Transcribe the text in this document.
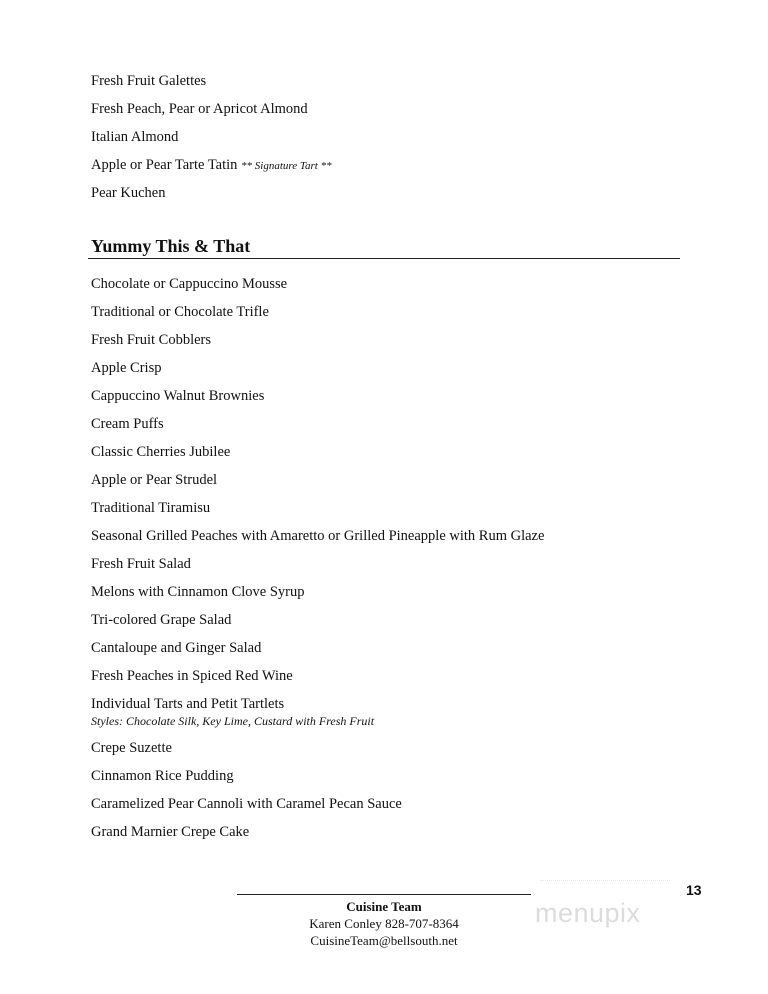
Fresh Fruit Galettes
Fresh Peach, Pear or Apricot Almond
Italian Almond
Apple or Pear Tarte Tatin ** Signature Tart **
Pear Kuchen
Yummy This & That
Chocolate or Cappuccino Mousse
Traditional or Chocolate Trifle
Fresh Fruit Cobblers
Apple Crisp
Cappuccino Walnut Brownies
Cream Puffs
Classic Cherries Jubilee
Apple or Pear Strudel
Traditional Tiramisu
Seasonal Grilled Peaches with Amaretto or Grilled Pineapple with Rum Glaze
Fresh Fruit Salad
Melons with Cinnamon Clove Syrup
Tri-colored Grape Salad
Cantaloupe and Ginger Salad
Fresh Peaches in Spiced Red Wine
Individual Tarts and Petit Tartlets
Styles: Chocolate Silk, Key Lime, Custard with Fresh Fruit
Crepe Suzette
Cinnamon Rice Pudding
Caramelized Pear Cannoli with Caramel Pecan Sauce
Grand Marnier Crepe Cake
Cuisine Team
Karen Conley 828-707-8364
CuisineTeam@bellsouth.net
13
menupix
